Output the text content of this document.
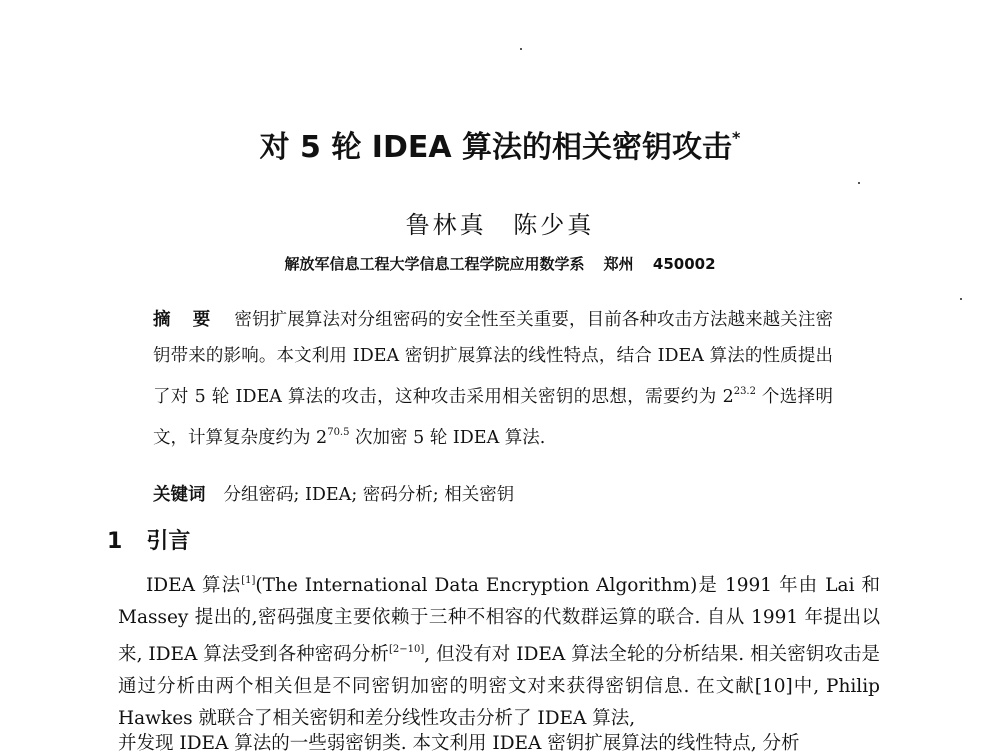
对 5 轮 IDEA 算法的相关密钥攻击*
鲁林真 陈少真
解放军信息工程大学信息工程学院应用数学系 郑州 450002
摘 要 密钥扩展算法对分组密码的安全性至关重要，目前各种攻击方法越来越关注密钥带来的影响。本文利用 IDEA 密钥扩展算法的线性特点，结合 IDEA 算法的性质提出了对 5 轮 IDEA 算法的攻击，这种攻击采用相关密钥的思想，需要约为 $2^{23.2}$ 个选择明文，计算复杂度约为 $2^{70.5}$ 次加密 5 轮 IDEA 算法.
关键词 分组密码; IDEA; 密码分析; 相关密钥
1 引言
IDEA 算法[1](The International Data Encryption Algorithm)是 1991 年由 Lai 和 Massey 提出的,密码强度主要依赖于三种不相容的代数群运算的联合. 自从 1991 年提出以来, IDEA 算法受到各种密码分析[2−10], 但没有对 IDEA 算法全轮的分析结果. 相关密钥攻击是通过分析由两个相关但是不同密钥加密的明密文对来获得密钥信息. 在文献[10]中, Philip Hawkes 就联合了相关密钥和差分线性攻击分析了 IDEA 算法,
并发现 IDEA 算法的一些弱密钥类. 本文利用 IDEA 密钥扩展算法的线性特点, 分析
